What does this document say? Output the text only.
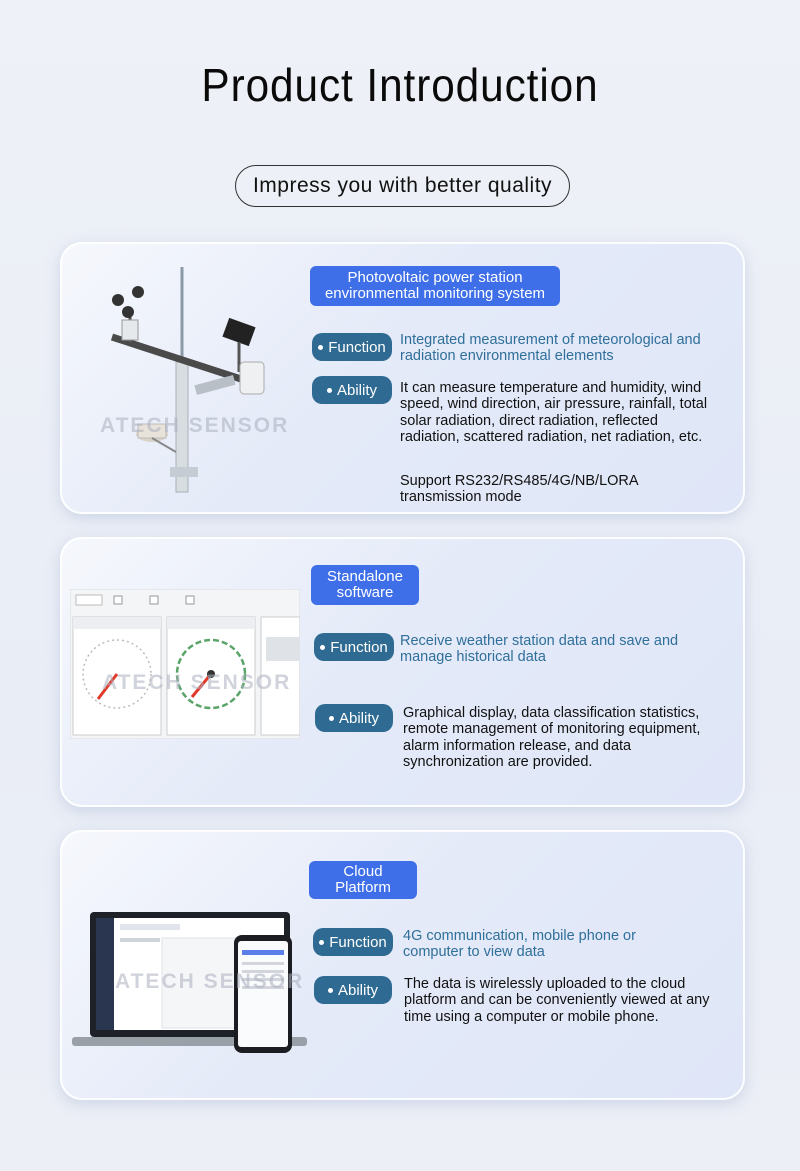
Product Introduction
Impress you with better quality
ATECH SENSOR
Photovoltaic power station environmental monitoring system
Function Integrated measurement of meteorological and radiation environmental elements
Ability It can measure temperature and humidity, wind speed, wind direction, air pressure, rainfall, total solar radiation, direct radiation, reflected radiation, scattered radiation, net radiation, etc.
Support RS232/RS485/4G/NB/LORA transmission mode
ATECH SENSOR
Standalone software
Function Receive weather station data and save and manage historical data
Ability Graphical display, data classification statistics, remote management of monitoring equipment, alarm information release, and data synchronization are provided.
ATECH SENSOR
Cloud Platform
Function 4G communication, mobile phone or computer to view data
Ability The data is wirelessly uploaded to the cloud platform and can be conveniently viewed at any time using a computer or mobile phone.
